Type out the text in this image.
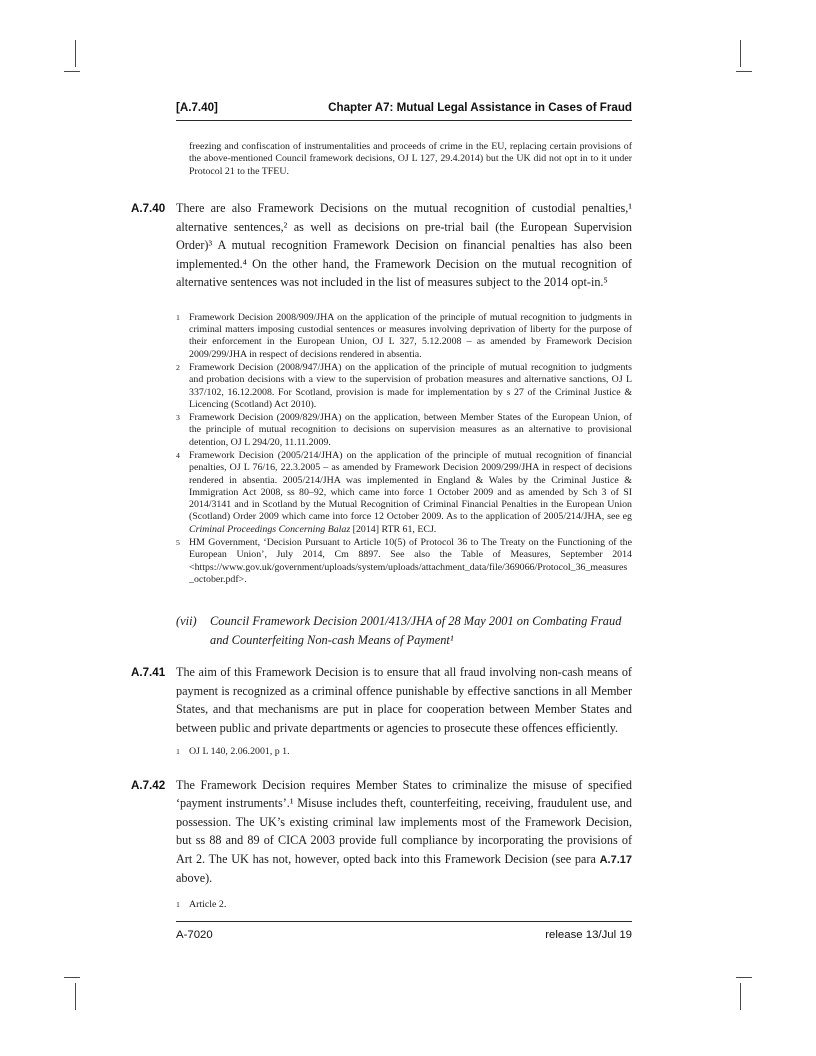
[A.7.40]	Chapter A7: Mutual Legal Assistance in Cases of Fraud

freezing and confiscation of instrumentalities and proceeds of crime in the EU, replacing certain provisions of the above-mentioned Council framework decisions, OJ L 127, 29.4.2014) but the UK did not opt in to it under Protocol 21 to the TFEU.

A.7.40 There are also Framework Decisions on the mutual recognition of custodial penalties,¹ alternative sentences,² as well as decisions on pre-trial bail (the European Supervision Order)³ A mutual recognition Framework Decision on financial penalties has also been implemented.⁴ On the other hand, the Framework Decision on the mutual recognition of alternative sentences was not included in the list of measures subject to the 2014 opt-in.⁵

1 Framework Decision 2008/909/JHA on the application of the principle of mutual recognition to judgments in criminal matters imposing custodial sentences or measures involving deprivation of liberty for the purpose of their enforcement in the European Union, OJ L 327, 5.12.2008 – as amended by Framework Decision 2009/299/JHA in respect of decisions rendered in absentia.
2 Framework Decision (2008/947/JHA) on the application of the principle of mutual recognition to judgments and probation decisions with a view to the supervision of probation measures and alternative sanctions, OJ L 337/102, 16.12.2008. For Scotland, provision is made for implementation by s 27 of the Criminal Justice & Licencing (Scotland) Act 2010).
3 Framework Decision (2009/829/JHA) on the application, between Member States of the European Union, of the principle of mutual recognition to decisions on supervision measures as an alternative to provisional detention, OJ L 294/20, 11.11.2009.
4 Framework Decision (2005/214/JHA) on the application of the principle of mutual recognition of financial penalties, OJ L 76/16, 22.3.2005 – as amended by Framework Decision 2009/299/JHA in respect of decisions rendered in absentia. 2005/214/JHA was implemented in England & Wales by the Criminal Justice & Immigration Act 2008, ss 80–92, which came into force 1 October 2009 and as amended by Sch 3 of SI 2014/3141 and in Scotland by the Mutual Recognition of Criminal Financial Penalties in the European Union (Scotland) Order 2009 which came into force 12 October 2009. As to the application of 2005/214/JHA, see eg Criminal Proceedings Concerning Balaz [2014] RTR 61, ECJ.
5 HM Government, ‘Decision Pursuant to Article 10(5) of Protocol 36 to The Treaty on the Functioning of the European Union’, July 2014, Cm 8897. See also the Table of Measures, September 2014 <https://www.gov.uk/government/uploads/system/uploads/attachment_data/file/369066/Protocol_36_measures_october.pdf>.
(vii)	Council Framework Decision 2001/413/JHA of 28 May 2001 on Combating Fraud and Counterfeiting Non-cash Means of Payment¹
A.7.41 The aim of this Framework Decision is to ensure that all fraud involving non-cash means of payment is recognized as a criminal offence punishable by effective sanctions in all Member States, and that mechanisms are put in place for cooperation between Member States and between public and private departments or agencies to prosecute these offences efficiently.

1 OJ L 140, 2.06.2001, p 1.
A.7.42 The Framework Decision requires Member States to criminalize the misuse of specified ‘payment instruments’.¹ Misuse includes theft, counterfeiting, receiving, fraudulent use, and possession. The UK’s existing criminal law implements most of the Framework Decision, but ss 88 and 89 of CICA 2003 provide full compliance by incorporating the provisions of Art 2. The UK has not, however, opted back into this Framework Decision (see para A.7.17 above).

1 Article 2.
A-7020	release 13/Jul 19
